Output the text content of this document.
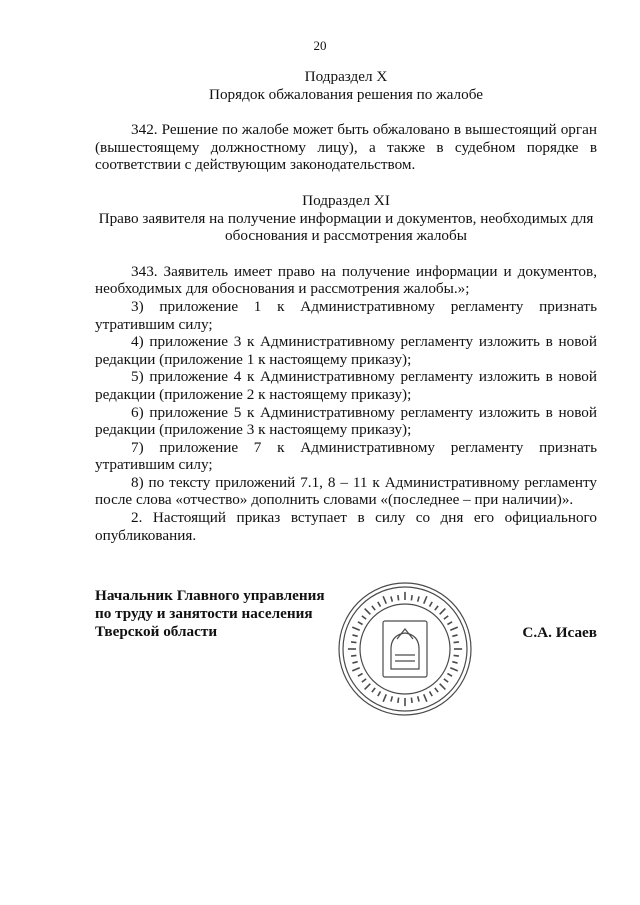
20

Подраздел X

Порядок обжалования решения по жалобе

342. Решение по жалобе может быть обжаловано в вышестоящий орган (вышестоящему должностному лицу), а также в судебном порядке в соответствии с действующим законодательством.

Подраздел XI

Право заявителя на получение информации и документов, необходимых для обоснования и рассмотрения жалобы

343. Заявитель имеет право на получение информации и документов, необходимых для обоснования и рассмотрения жалобы.»;

3) приложение 1 к Административному регламенту признать утратившим силу;

4) приложение 3 к Административному регламенту изложить в новой редакции (приложение 1 к настоящему приказу);

5) приложение 4 к Административному регламенту изложить в новой редакции (приложение 2 к настоящему приказу);

6) приложение 5 к Административному регламенту изложить в новой редакции (приложение 3 к настоящему приказу);

7) приложение 7 к Административному регламенту признать утратившим силу;

8) по тексту приложений 7.1, 8 – 11 к Административному регламенту после слова «отчество» дополнить словами «(последнее – при наличии)».

2. Настоящий приказ вступает в силу со дня его официального опубликования.

Начальник Главного управления
по труду и занятости населения
Тверской области	С.А. Исаев
